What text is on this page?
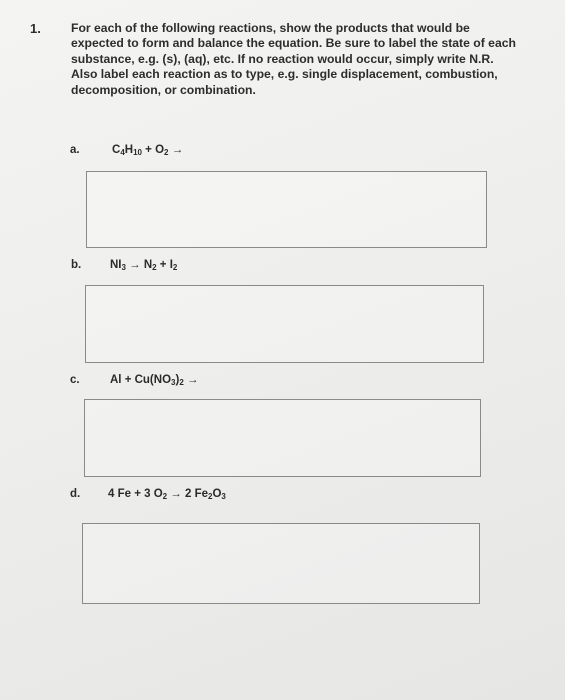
1. For each of the following reactions, show the products that would be expected to form and balance the equation. Be sure to label the state of each substance, e.g. (s), (aq), etc. If no reaction would occur, simply write N.R. Also label each reaction as to type, e.g. single displacement, combustion, decomposition, or combination.
a.	$C_4H_{10} + O_2$ →
b.	$NI_3 \to N_2 + I_2$
c.	$Al + Cu(NO_3)_2$ →
d. 4 Fe + 3 $O_2 \to 2$ $Fe_2O_3$
